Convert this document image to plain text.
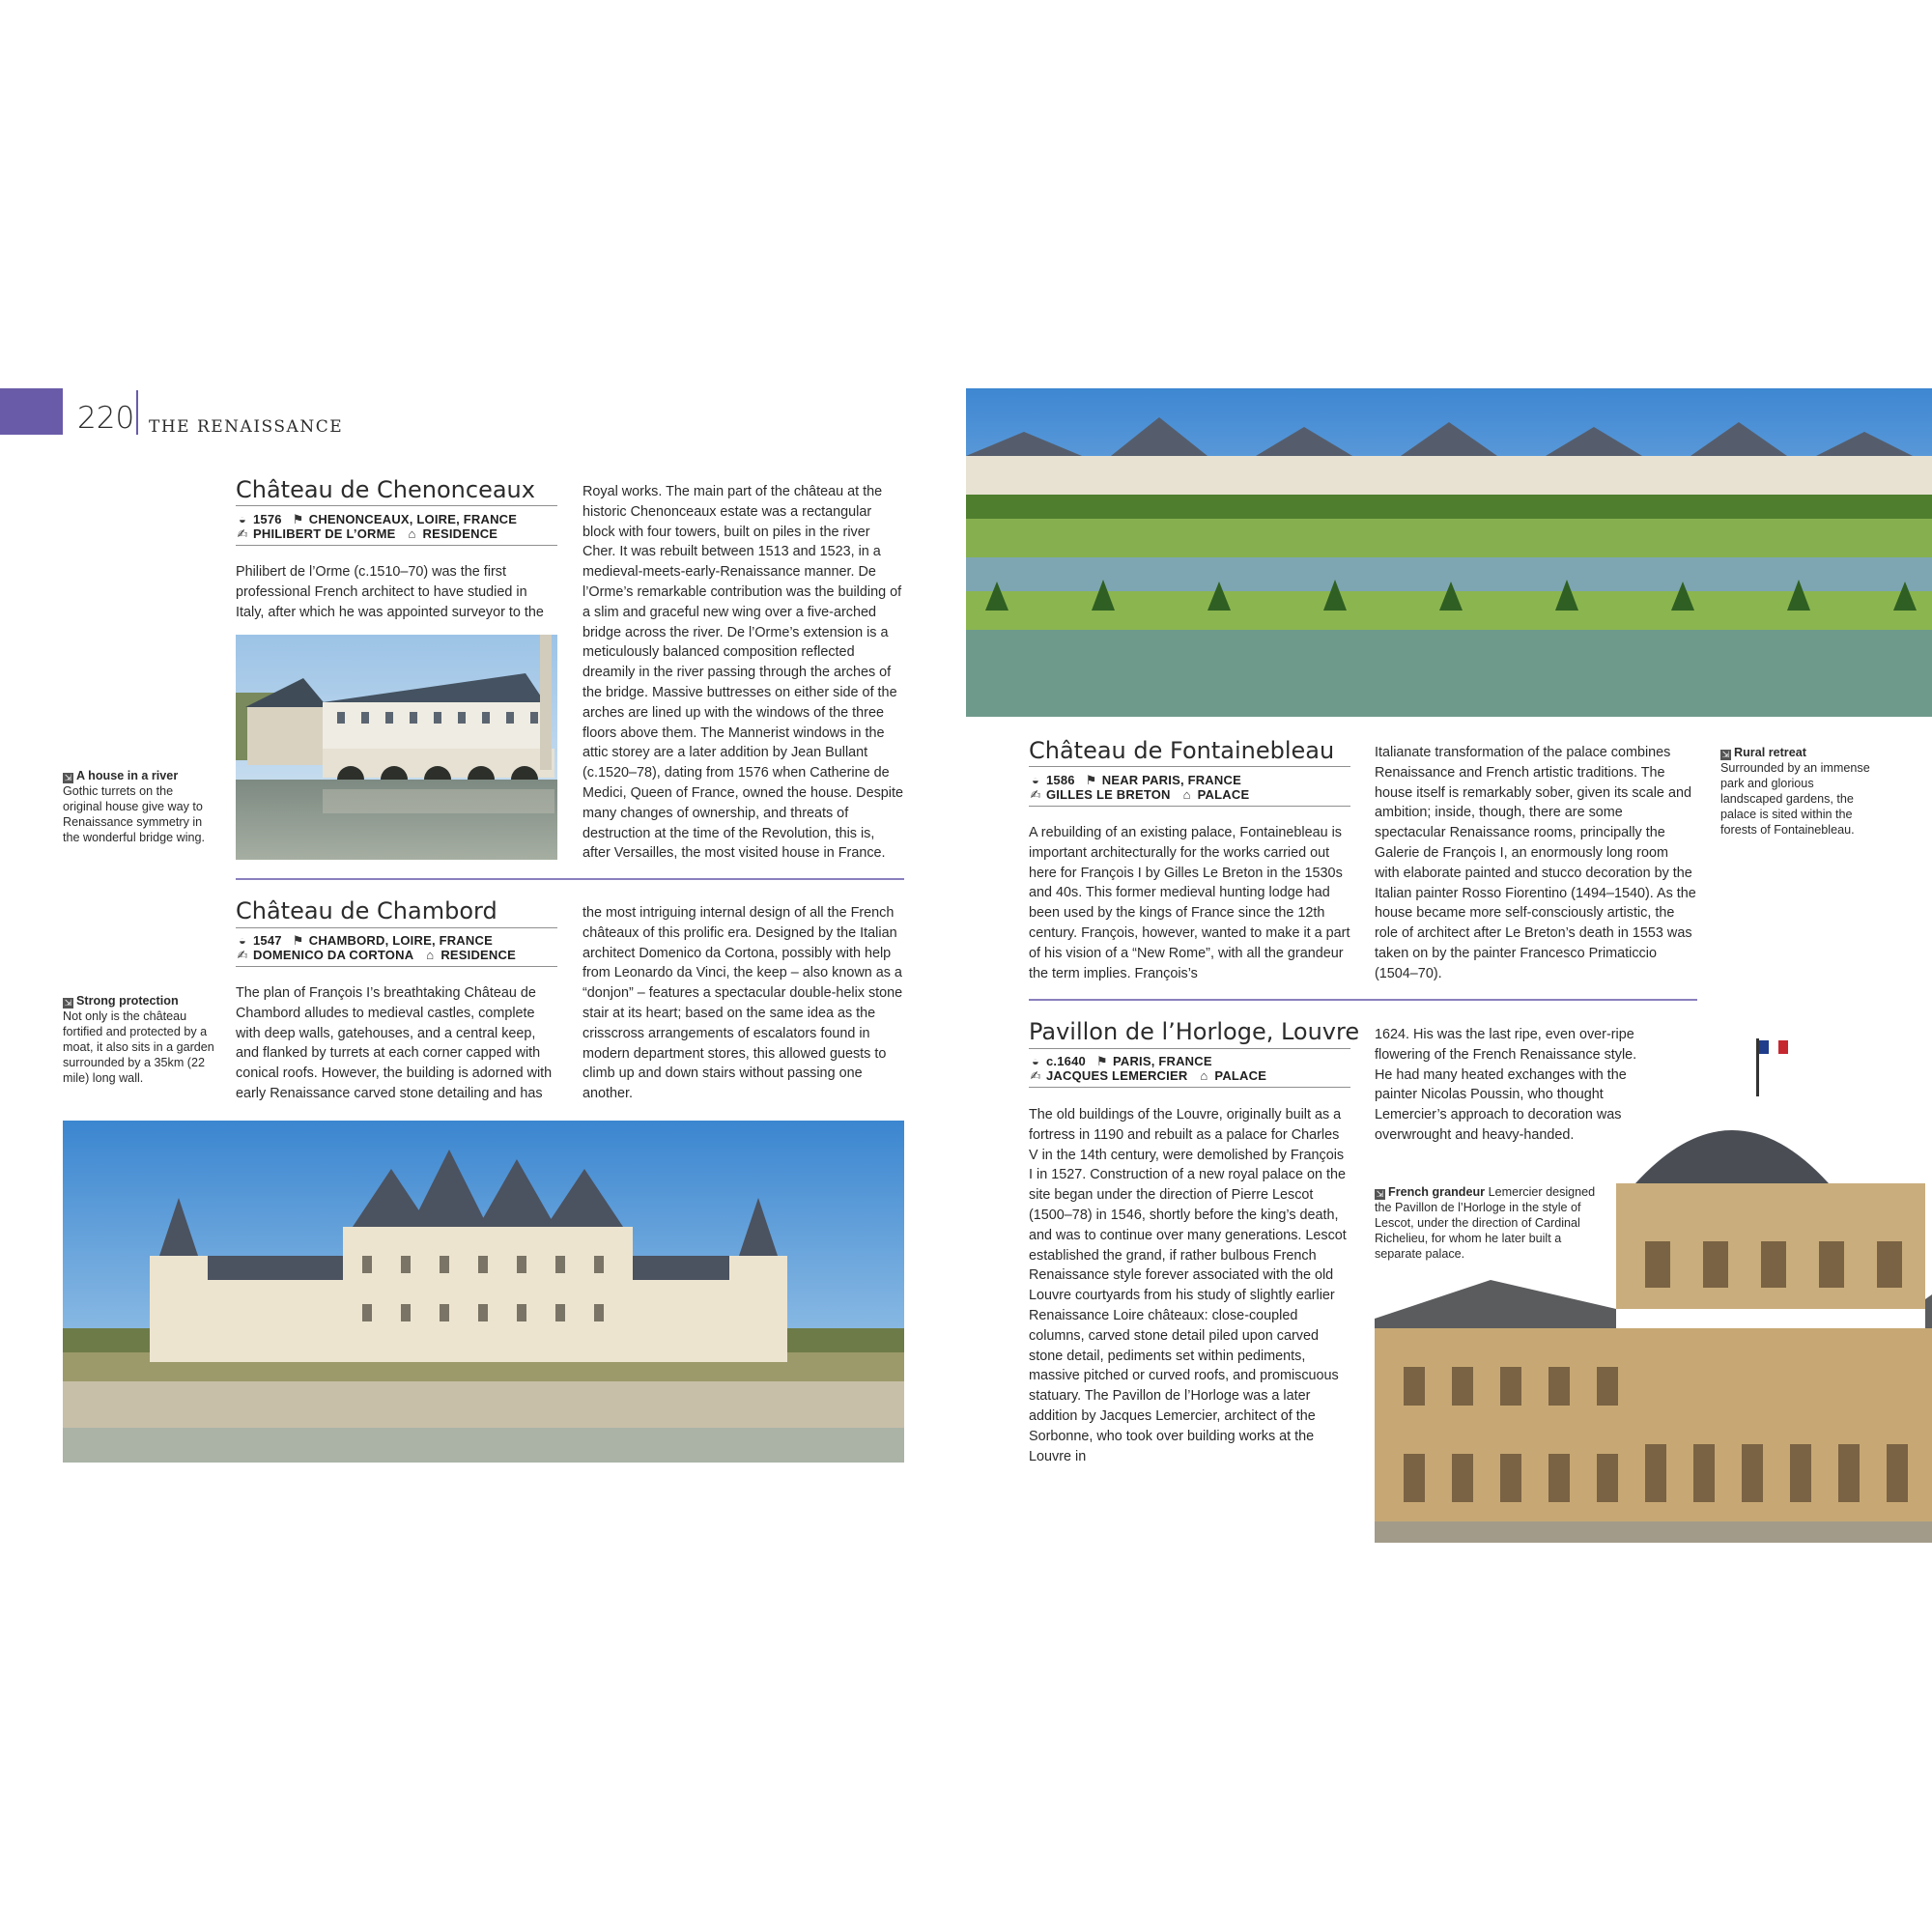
220 THE RENAISSANCE
Château de Chenonceaux
◒ 1576 ⚑ CHENONCEAUX, LOIRE, FRANCE
✍ PHILIBERT DE L’ORME ⌂ RESIDENCE

Philibert de l’Orme (c.1510–70) was the first professional French architect to have studied in Italy, after which he was appointed surveyor to the

Royal works. The main part of the château at the historic Chenonceaux estate was a rectangular block with four towers, built on piles in the river Cher. It was rebuilt between 1513 and 1523, in a medieval-meets-early-Renaissance manner. De l’Orme’s remarkable contribution was the building of a slim and graceful new wing over a five-arched bridge across the river. De l’Orme’s extension is a meticulously balanced composition reflected dreamily in the river passing through the arches of the bridge. Massive buttresses on either side of the arches are lined up with the windows of the three floors above them. The Mannerist windows in the attic storey are a later addition by Jean Bullant (c.1520–78), dating from 1576 when Catherine de Medici, Queen of France, owned the house. Despite many changes of ownership, and threats of destruction at the time of the Revolution, this is, after Versailles, the most visited house in France.

⇲ A house in a river
Gothic turrets on the original house give way to Renaissance symmetry in the wonderful bridge wing.
Château de Chambord
◒ 1547 ⚑ CHAMBORD, LOIRE, FRANCE
✍ DOMENICO DA CORTONA ⌂ RESIDENCE

The plan of François I’s breathtaking Château de Chambord alludes to medieval castles, complete with deep walls, gatehouses, and a central keep, and flanked by turrets at each corner capped with conical roofs. However, the building is adorned with early Renaissance carved stone detailing and has

the most intriguing internal design of all the French châteaux of this prolific era. Designed by the Italian architect Domenico da Cortona, possibly with help from Leonardo da Vinci, the keep – also known as a “donjon” – features a spectacular double-helix stone stair at its heart; based on the same idea as the crisscross arrangements of escalators found in modern department stores, this allowed guests to climb up and down stairs without passing one another.

⇲ Strong protection
Not only is the château fortified and protected by a moat, it also sits in a garden surrounded by a 35km (22 mile) long wall.
Château de Fontainebleau
◒ 1586 ⚑ NEAR PARIS, FRANCE
✍ GILLES LE BRETON ⌂ PALACE

A rebuilding of an existing palace, Fontainebleau is important architecturally for the works carried out here for François I by Gilles Le Breton in the 1530s and 40s. This former medieval hunting lodge had been used by the kings of France since the 12th century. François, however, wanted to make it a part of his vision of a “New Rome”, with all the grandeur the term implies. François’s

Italianate transformation of the palace combines Renaissance and French artistic traditions. The house itself is remarkably sober, given its scale and ambition; inside, though, there are some spectacular Renaissance rooms, principally the Galerie de François I, an enormously long room with elaborate painted and stucco decoration by the Italian painter Rosso Fiorentino (1494–1540). As the house became more self-consciously artistic, the role of architect after Le Breton’s death in 1553 was taken on by the painter Francesco Primaticcio (1504–70).

⇲ Rural retreat
Surrounded by an immense park and glorious landscaped gardens, the palace is sited within the forests of Fontainebleau.
Pavillon de l’Horloge, Louvre
◒ c.1640 ⚑ PARIS, FRANCE
✍ JACQUES LEMERCIER ⌂ PALACE

The old buildings of the Louvre, originally built as a fortress in 1190 and rebuilt as a palace for Charles V in the 14th century, were demolished by François I in 1527. Construction of a new royal palace on the site began under the direction of Pierre Lescot (1500–78) in 1546, shortly before the king’s death, and was to continue over many generations. Lescot established the grand, if rather bulbous French Renaissance style forever associated with the old Louvre courtyards from his study of slightly earlier Renaissance Loire châteaux: close-coupled columns, carved stone detail piled upon carved stone detail, pediments set within pediments, massive pitched or curved roofs, and promiscuous statuary. The Pavillon de l’Horloge was a later addition by Jacques Lemercier, architect of the Sorbonne, who took over building works at the Louvre in

1624. His was the last ripe, even over-ripe flowering of the French Renaissance style. He had many heated exchanges with the painter Nicolas Poussin, who thought Lemercier’s approach to decoration was overwrought and heavy-handed.

⇲ French grandeur Lemercier designed the Pavillon de l’Horloge in the style of Lescot, under the direction of Cardinal Richelieu, for whom he later built a separate palace.
